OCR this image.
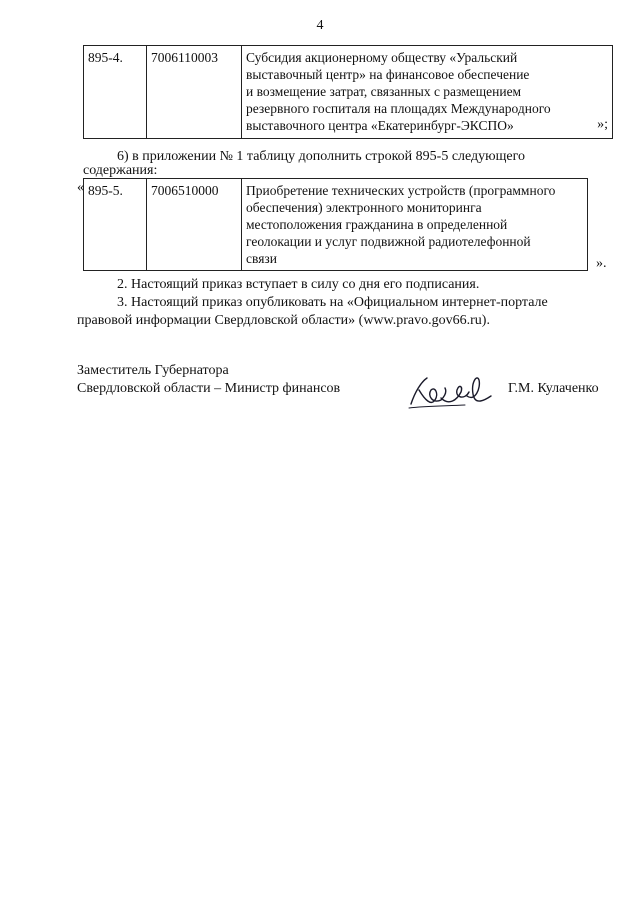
4
895-4.	7006110003	Субсидия акционерному обществу «Уральский
выставочный центр» на финансовое обеспечение
и возмещение затрат, связанных с размещением
резервного госпиталя на площадях Международного
выставочного центра «Екатеринбург-ЭКСПО»	»;
6) в приложении № 1 таблицу дополнить строкой 895-5 следующего
содержания:
« 895-5.	7006510000	Приобретение технических устройств (программного
обеспечения) электронного мониторинга
местоположения гражданина в определенной
геолокации и услуг подвижной радиотелефонной
связи	».
2. Настоящий приказ вступает в силу со дня его подписания.
3. Настоящий приказ опубликовать на «Официальном интернет-портале
правовой информации Свердловской области» (www.pravo.gov66.ru).
Заместитель Губернатора
Свердловской области – Министр финансов	Г.М. Кулаченко
